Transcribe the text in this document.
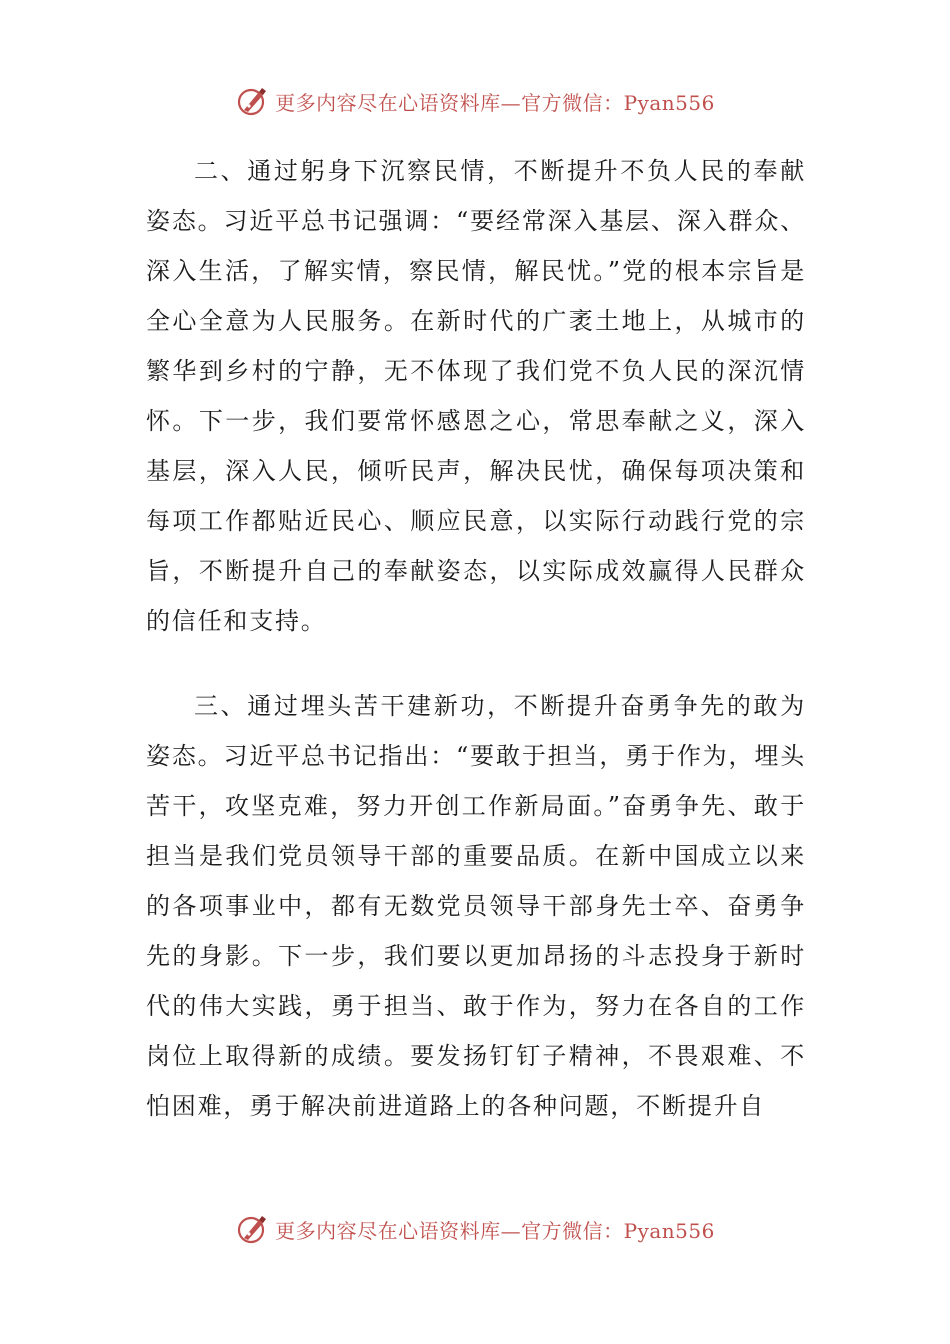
更多内容尽在心语资料库—官方微信：Pyan556

二、通过躬身下沉察民情，不断提升不负人民的奉献姿态。习近平总书记强调：“要经常深入基层、深入群众、深入生活，了解实情，察民情，解民忧。”党的根本宗旨是全心全意为人民服务。在新时代的广袤土地上，从城市的繁华到乡村的宁静，无不体现了我们党不负人民的深沉情怀。下一步，我们要常怀感恩之心，常思奉献之义，深入基层，深入人民，倾听民声，解决民忧，确保每项决策和每项工作都贴近民心、顺应民意，以实际行动践行党的宗旨，不断提升自己的奉献姿态，以实际成效赢得人民群众的信任和支持。

三、通过埋头苦干建新功，不断提升奋勇争先的敢为姿态。习近平总书记指出：“要敢于担当，勇于作为，埋头苦干，攻坚克难，努力开创工作新局面。”奋勇争先、敢于担当是我们党员领导干部的重要品质。在新中国成立以来的各项事业中，都有无数党员领导干部身先士卒、奋勇争先的身影。下一步，我们要以更加昂扬的斗志投身于新时代的伟大实践，勇于担当、敢于作为，努力在各自的工作岗位上取得新的成绩。要发扬钉钉子精神，不畏艰难、不怕困难，勇于解决前进道路上的各种问题，不断提升自

更多内容尽在心语资料库—官方微信：Pyan556
